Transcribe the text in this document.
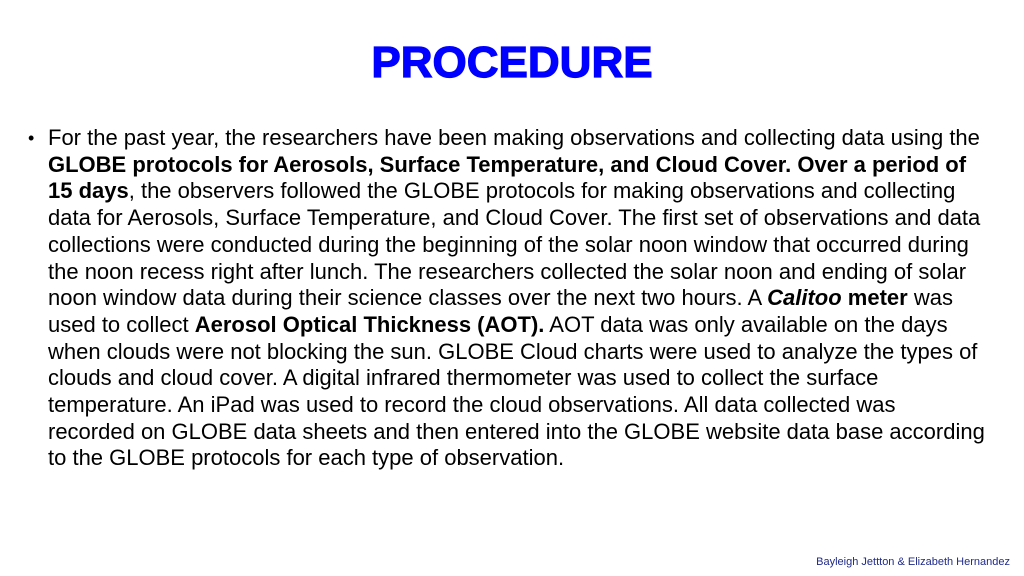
PROCEDURE
• For the past year, the researchers have been making observations and collecting data using the GLOBE protocols for Aerosols, Surface Temperature, and Cloud Cover. Over a period of 15 days, the observers followed the GLOBE protocols for making observations and collecting data for Aerosols, Surface Temperature, and Cloud Cover. The first set of observations and data collections were conducted during the beginning of the solar noon window that occurred during the noon recess right after lunch. The researchers collected the solar noon and ending of solar noon window data during their science classes over the next two hours. A Calitoo meter was used to collect Aerosol Optical Thickness (AOT). AOT data was only available on the days when clouds were not blocking the sun. GLOBE Cloud charts were used to analyze the types of clouds and cloud cover. A digital infrared thermometer was used to collect the surface temperature. An iPad was used to record the cloud observations. All data collected was recorded on GLOBE data sheets and then entered into the GLOBE website data base according to the GLOBE protocols for each type of observation.
Bayleigh Jettton & Elizabeth Hernandez
